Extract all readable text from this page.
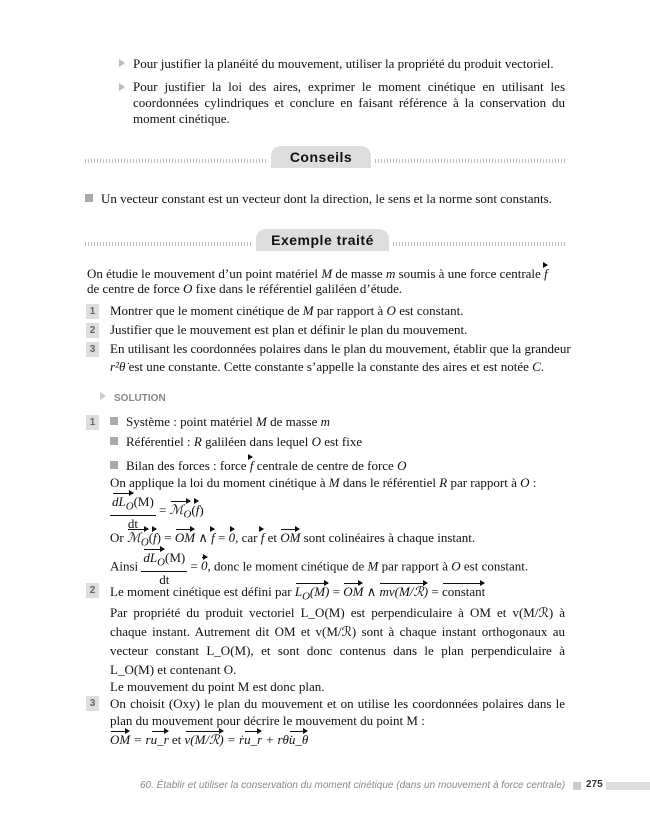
Pour justifier la planéité du mouvement, utiliser la propriété du produit vectoriel.
Pour justifier la loi des aires, exprimer le moment cinétique en utilisant les coordonnées cylindriques et conclure en faisant référence à la conservation du moment cinétique.
Conseils
Un vecteur constant est un vecteur dont la direction, le sens et la norme sont constants.
Exemple traité
On étudie le mouvement d’un point matériel M de masse m soumis à une force centrale f
de centre de force O fixe dans le référentiel galiléen d’étude.
1 Montrer que le moment cinétique de M par rapport à O est constant.
2 Justifier que le mouvement est plan et définir le plan du mouvement.
3 En utilisant les coordonnées polaires dans le plan du mouvement, établir que la grandeur
r²θ̇ est une constante. Cette constante s’appelle la constante des aires et est notée C.
SOLUTION
1	Système : point matériel M de masse m
Référentiel : R galiléen dans lequel O est fixe
Bilan des forces : force f centrale de centre de force O
On applique la loi du moment cinétique à M dans le référentiel R par rapport à O :
$\frac{dL_O(M)}{dt}$ = ℳ$_O$(f)
Or ℳ$_O$(f) = OM ∧ f = 0, car f et OM sont colinéaires à chaque instant.
Ainsi $\frac{dL_O(M)}{dt} = 0$, donc le moment cinétique de M par rapport à O est constant.
2 Le moment cinétique est défini par $L_O(M)$ = OM ∧ mv(M/ℛ) = constant
Par propriété du produit vectoriel L_O(M) est perpendiculaire à OM et v(M/ℛ) à chaque instant. Autrement dit OM et v(M/ℛ) sont à chaque instant orthogonaux au vecteur constant L_O(M), et sont donc contenus dans le plan perpendiculaire à L_O(M) et contenant O.
Le mouvement du point M est donc plan.
3 On choisit (Oxy) le plan du mouvement et on utilise les coordonnées polaires dans le plan du mouvement pour décrire le mouvement du point M :
OM = ru_r et v(M/ℛ) = ṙu_r + rθ̇u_θ
60. Établir et utiliser la conservation du moment cinétique (dans un mouvement à force centrale) 275
